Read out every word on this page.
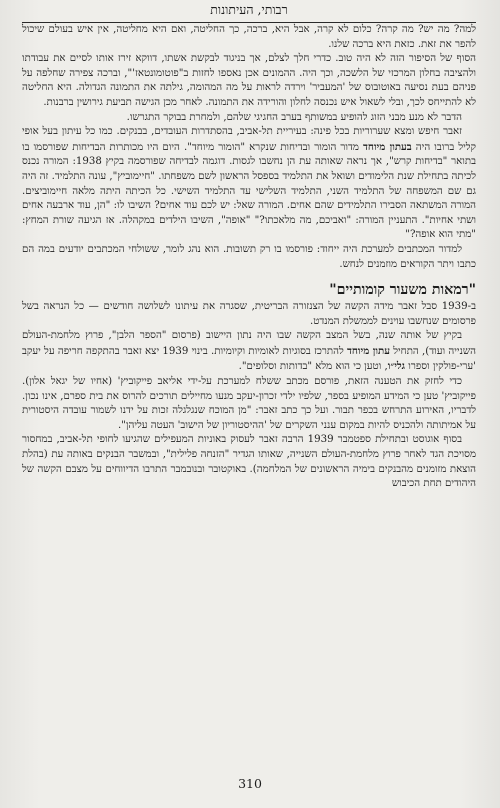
רבותי, העיתונות

למה? מה יש? מה קרה? כלום לא קרה, אבל היא, ברכה, כך החליטה, ואם היא מחליטה, אין איש בעולם שיכול להפר את זאת. כזאת היא ברכה שלנו.

הסוף של הסיפור הזה לא היה טוב. כדרי חלך לצלם, אך בניגוד לבקשת אשתו, דווקא זירז אותו לסיים את עבודתו ולהציבה בחלון המרכזי של הלשכה, וכך היה. ההמונים אכן נאספו לחזות ב"פוטומונטאז'", וברכה צפירה שחלפה על פניהם בעת נסיעה באוטובוס של 'המעביר' וירדה לראות על מה המהומה, גילתה את התמונה הגדולה. היא החליטה לא להתייחס לכך, ובלי לשאול איש נכנסה לחלון והורידה את התמונה. לאחר מכן הגישה תביעת גירושין ברבנות.

הדבר לא מנע מבני הזוג להופיע במשותף בערב החגיגי שלהם, ולמחרת בבוקר התגרשו.

זאבר חיפש ומצא שערוריות בכל פינה: בעיריית תל-אביב, בהסתדרות העובדים, בבנקים. כמו כל עיתון בעל אופי קליל ברובו היה בעתון מיוחד מדור הומור ובדיחות שנקרא "הומור מיוחד". היום היו מכותרות הבדיחות שפורסמו בו בתואר "בדיחות קרש", אך נראה שאותה עת הן נחשבו לגסות. דוגמה לבדיחה שפורסמה בקיץ 1938: המורה נכנס לכיתה בתחילת שנת הלימודים ושואל את התלמיד בספסל הראשון לשם משפחתו. "חיימוביץ", עונה התלמיד. זה היה גם שם המשפחה של התלמיד השני, התלמיד השלישי עד התלמיד השישי. כל הכיתה היתה מלאה חיימוביצים. המורה המשתאה הסבירו התלמידים שהם אחים. המורה שאל: יש לכם עוד אחים? השיבו לו: "הן, עוד ארבעה אחים ושתי אחיות". התעניין המורה: "ואביכם, מה מלאכתו?" "אופה", השיבו הילדים במקהלה. אז הגיעה שורת המחץ: "מתי הוא אופה?"

למדור המכתבים למערכת היה ייחוד: פורסמו בו רק תשובות. הוא נהג לומר, ששולחי המכתבים יודעים במה הם כתבו ויתר הקוראים מוזמנים לנחש.

"רמאות משעור קומותיים"

ב-1939 סבל זאבר מידה הקשה של הצנזורה הבריטית, שסגרה את עיתונו לשלושה חודשים — כל הנראה בשל פרסומים שנחשבו עוינים לממשלת המנדט.

בקיץ של אותה שנה, בשל המצב הקשה שבו היה נתון היישוב (פרסום "הספר הלבן", פרוץ מלחמת-העולם השנייה ועוד), התחיל עתון מיוחד להתרכז בסוגיות לאומיות וקיומיות. בינוי 1939 יצא זאבר בהתקפה חריפה על יעקב 'ערי-פולקין וספרו גלי״ו, וטען כי הוא מלא "בדותות וסלופים".

כדי לחזק את הטענה הזאת, פורסם מכתב ששלח למערכת על-ידי אליאב פייקוביץ' (אחיו של יגאל אלון). פייקוביץ' טען כי המידע המופיע בספר, שלפיו ילדי זכרון-יעקב מנעו מחיילים תורכים להרוס את בית ספרם, אינו נכון. לדבריו, האירוע התרחש בכפר תבור. ועל כך כתב זאבר: "מן המוכח שנגלגלה זכות על ידנו לשמור עובדה היסטורית על אמיתותה ולהכניס להיות במקום ענני השקרים של 'ההיסטוריון של הישוב' העטה עליהן".

בסוף אוגוסט ובתחילת ספטמבר 1939 הרבה זאבר לעסוק באוניות המעפילים שהגיעו לחופי תל-אביב, במחסור מסויכת הגד לאחר פרוץ מלחמת-העולם השנייה, שאותו הגדיר "הזנחה פלילית", ובמשבר הבנקים באותה עת (בהלת הוצאת מזומנים מהבנקים בימיה הראשונים של המלחמה). באוקטובר ובנובמבר התרבו הדיווחים על מצבם הקשה של היהודים תחת הכיבוש

310
